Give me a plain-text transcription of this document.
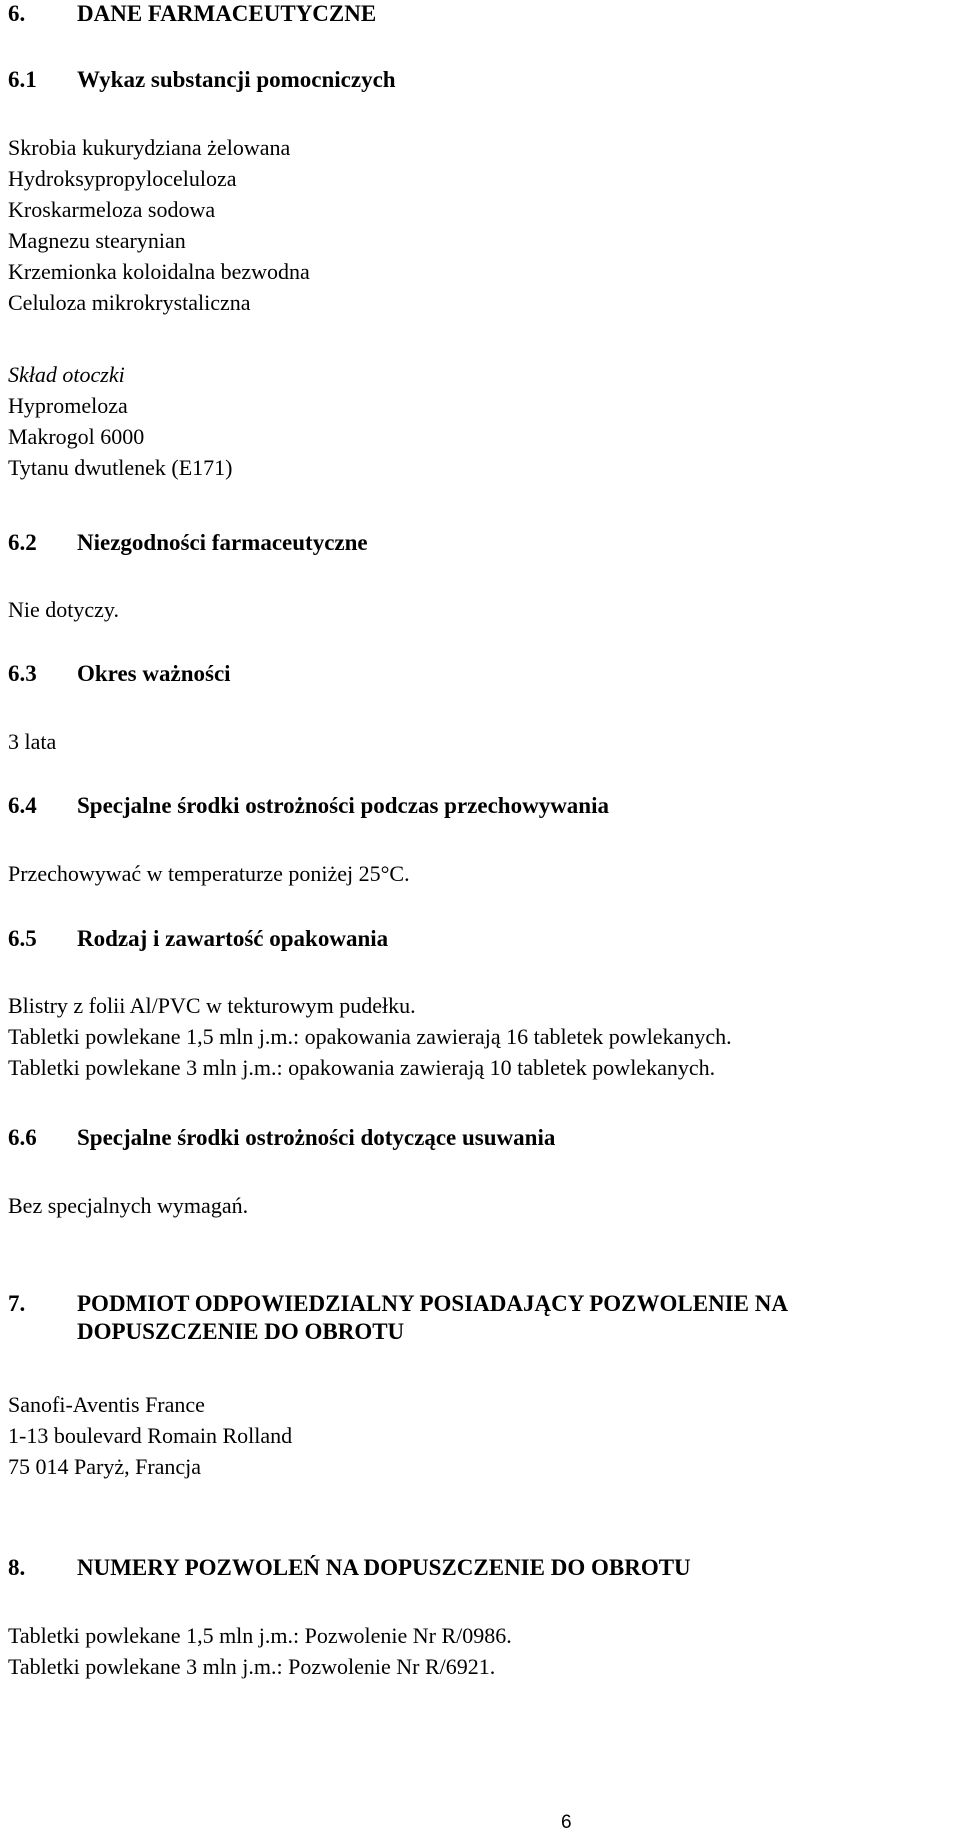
6.	DANE FARMACEUTYCZNE
6.1	Wykaz substancji pomocniczych
Skrobia kukurydziana żelowana
Hydroksypropyloceluloza
Kroskarmeloza sodowa
Magnezu stearynian
Krzemionka koloidalna bezwodna
Celuloza mikrokrystaliczna
Skład otoczki
Hypromeloza
Makrogol 6000
Tytanu dwutlenek (E171)
6.2	Niezgodności farmaceutyczne
Nie dotyczy.
6.3	Okres ważności
3 lata
6.4	Specjalne środki ostrożności podczas przechowywania
Przechowywać w temperaturze poniżej 25°C.
6.5	Rodzaj i zawartość opakowania
Blistry z folii Al/PVC w tekturowym pudełku.
Tabletki powlekane 1,5 mln j.m.: opakowania zawierają 16 tabletek powlekanych.
Tabletki powlekane 3 mln j.m.: opakowania zawierają 10 tabletek powlekanych.
6.6	Specjalne środki ostrożności dotyczące usuwania
Bez specjalnych wymagań.
7.	PODMIOT ODPOWIEDZIALNY POSIADAJĄCY POZWOLENIE NA
DOPUSZCZENIE DO OBROTU
Sanofi-Aventis France
1-13 boulevard Romain Rolland
75 014 Paryż, Francja
8.	NUMERY POZWOLEŃ NA DOPUSZCZENIE DO OBROTU
Tabletki powlekane 1,5 mln j.m.: Pozwolenie Nr R/0986.
Tabletki powlekane 3 mln j.m.: Pozwolenie Nr R/6921.
6
